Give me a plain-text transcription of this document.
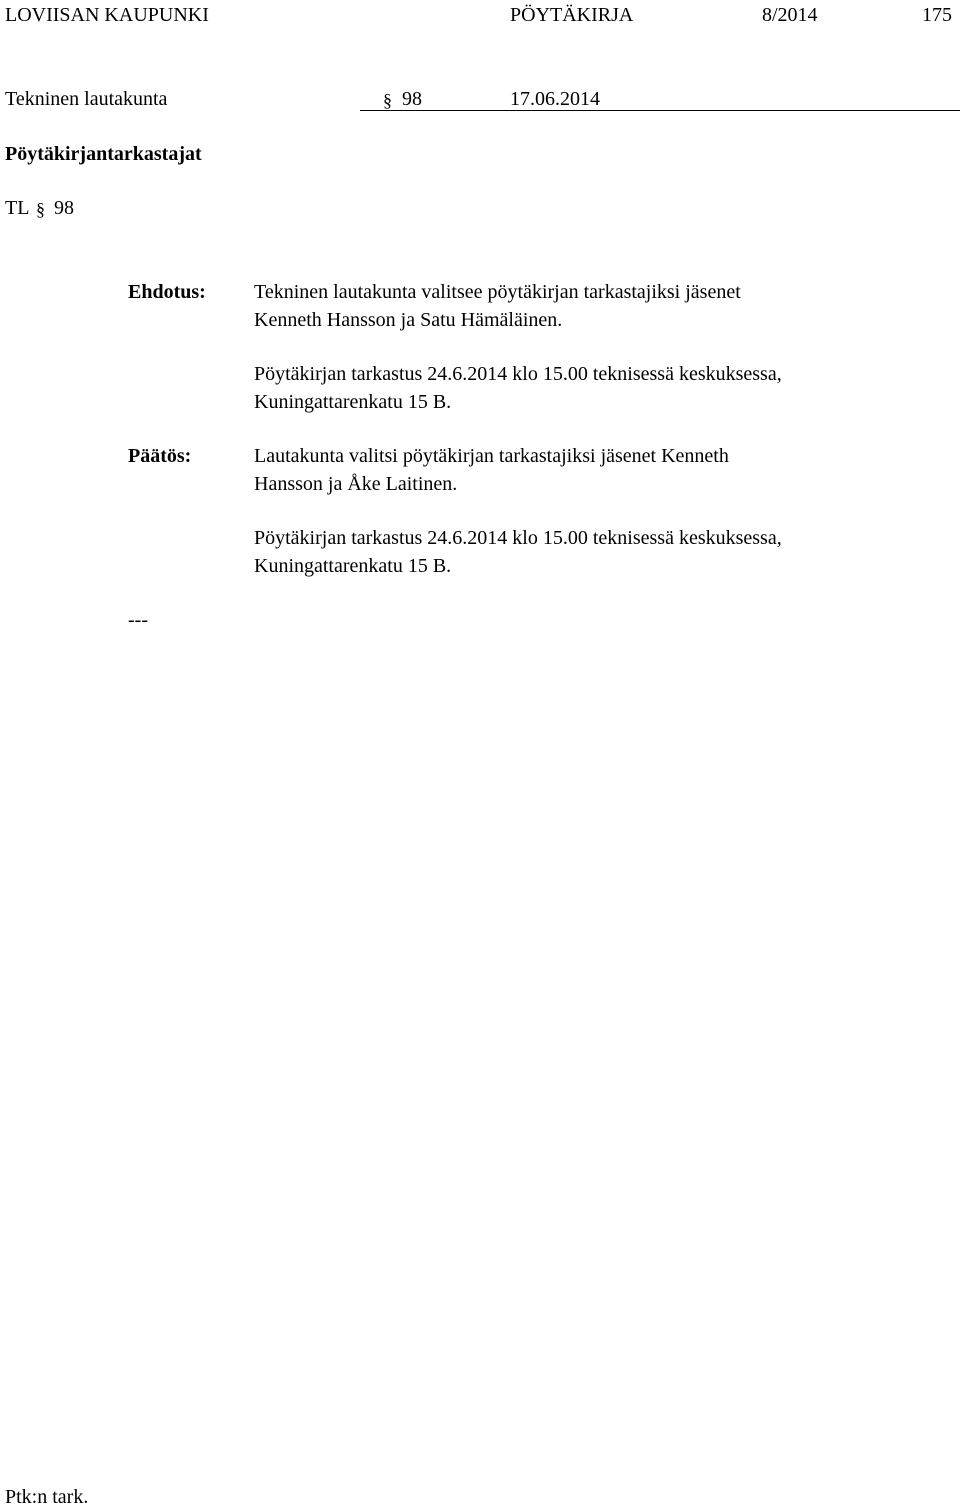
LOVIISAN KAUPUNKI	PÖYTÄKIRJA	8/2014	175
Tekninen lautakunta	§ 98	17.06.2014
Pöytäkirjantarkastajat
TL § 98
Ehdotus: Tekninen lautakunta valitsee pöytäkirjan tarkastajiksi jäsenet
Kenneth Hansson ja Satu Hämäläinen.
Pöytäkirjan tarkastus 24.6.2014 klo 15.00 teknisessä keskuksessa,
Kuningattarenkatu 15 B.
Päätös:	Lautakunta valitsi pöytäkirjan tarkastajiksi jäsenet Kenneth
Hansson ja Åke Laitinen.
Pöytäkirjan tarkastus 24.6.2014 klo 15.00 teknisessä keskuksessa,
Kuningattarenkatu 15 B.
---
Ptk:n tark.
